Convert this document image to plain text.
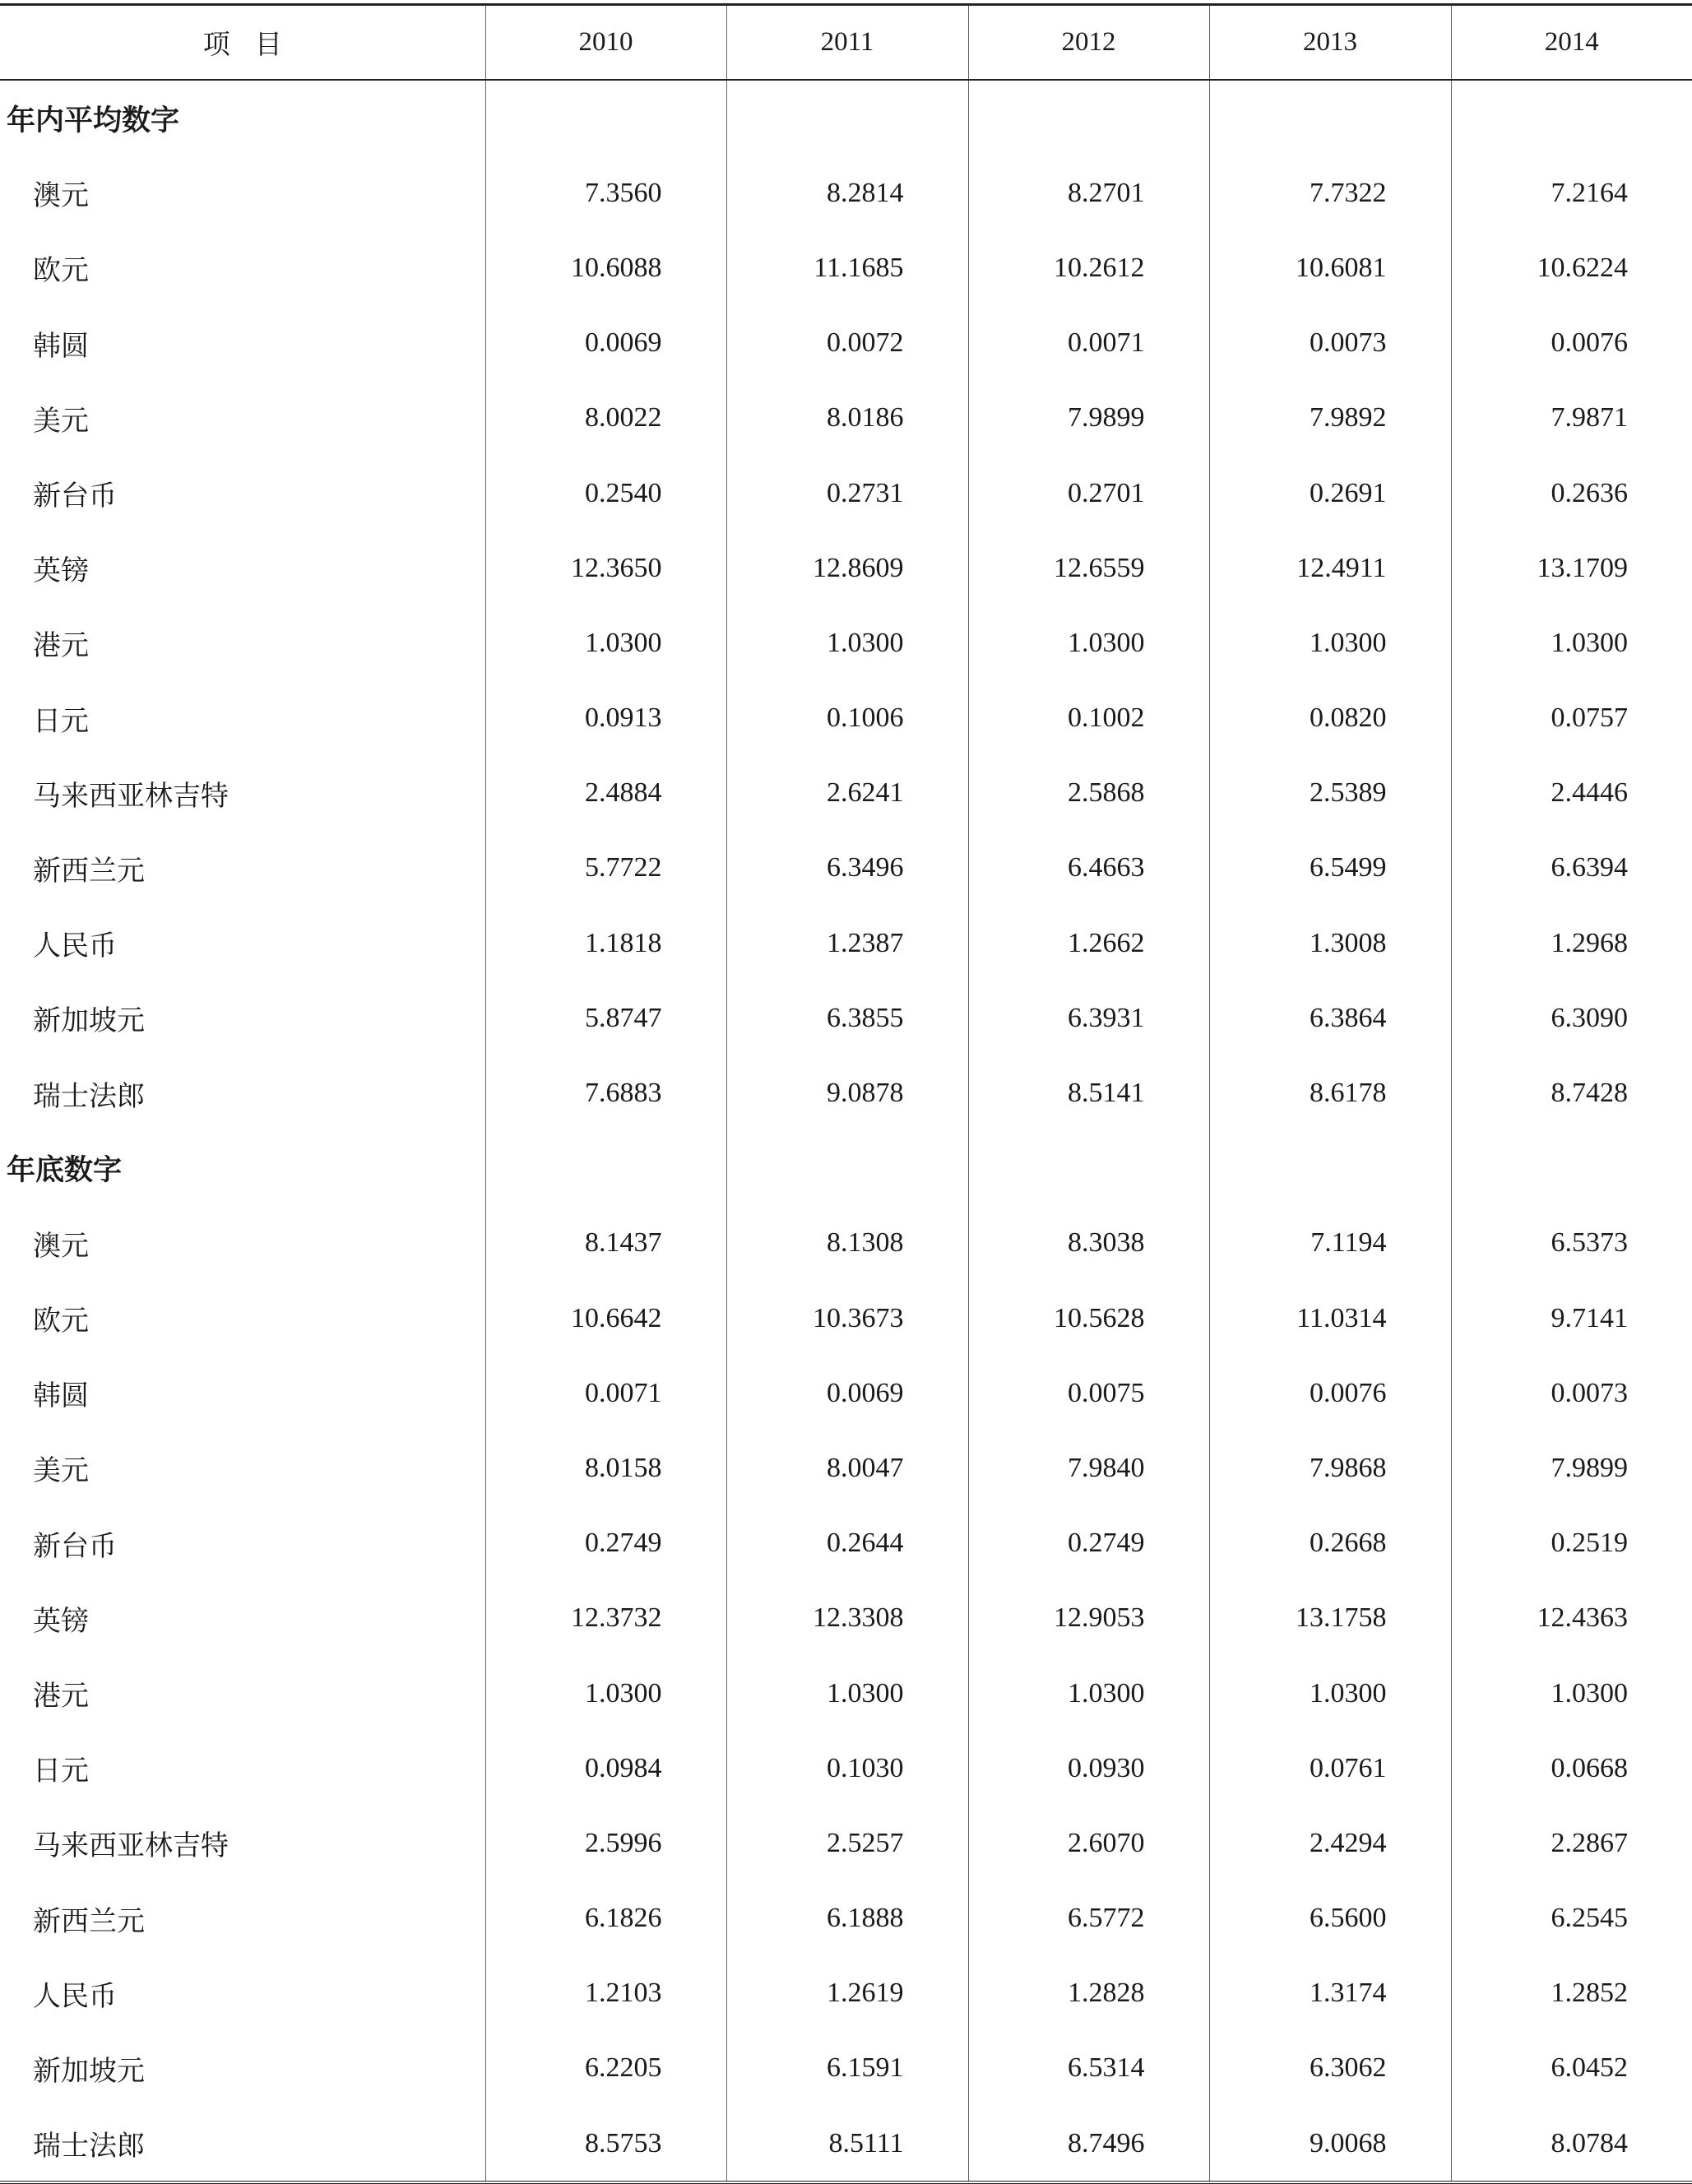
项目	2010	2011	2012	2013	2014
年内平均数字					
澳元	7.3560	8.2814	8.2701	7.7322	7.2164
欧元	10.6088	11.1685	10.2612	10.6081	10.6224
韩圆	0.0069	0.0072	0.0071	0.0073	0.0076
美元	8.0022	8.0186	7.9899	7.9892	7.9871
新台币	0.2540	0.2731	0.2701	0.2691	0.2636
英镑	12.3650	12.8609	12.6559	12.4911	13.1709
港元	1.0300	1.0300	1.0300	1.0300	1.0300
日元	0.0913	0.1006	0.1002	0.0820	0.0757
马来西亚林吉特	2.4884	2.6241	2.5868	2.5389	2.4446
新西兰元	5.7722	6.3496	6.4663	6.5499	6.6394
人民币	1.1818	1.2387	1.2662	1.3008	1.2968
新加坡元	5.8747	6.3855	6.3931	6.3864	6.3090
瑞士法郎	7.6883	9.0878	8.5141	8.6178	8.7428
年底数字					
澳元	8.1437	8.1308	8.3038	7.1194	6.5373
欧元	10.6642	10.3673	10.5628	11.0314	9.7141
韩圆	0.0071	0.0069	0.0075	0.0076	0.0073
美元	8.0158	8.0047	7.9840	7.9868	7.9899
新台币	0.2749	0.2644	0.2749	0.2668	0.2519
英镑	12.3732	12.3308	12.9053	13.1758	12.4363
港元	1.0300	1.0300	1.0300	1.0300	1.0300
日元	0.0984	0.1030	0.0930	0.0761	0.0668
马来西亚林吉特	2.5996	2.5257	2.6070	2.4294	2.2867
新西兰元	6.1826	6.1888	6.5772	6.5600	6.2545
人民币	1.2103	1.2619	1.2828	1.3174	1.2852
新加坡元	6.2205	6.1591	6.5314	6.3062	6.0452
瑞士法郎	8.5753	8.5111	8.7496	9.0068	8.0784
